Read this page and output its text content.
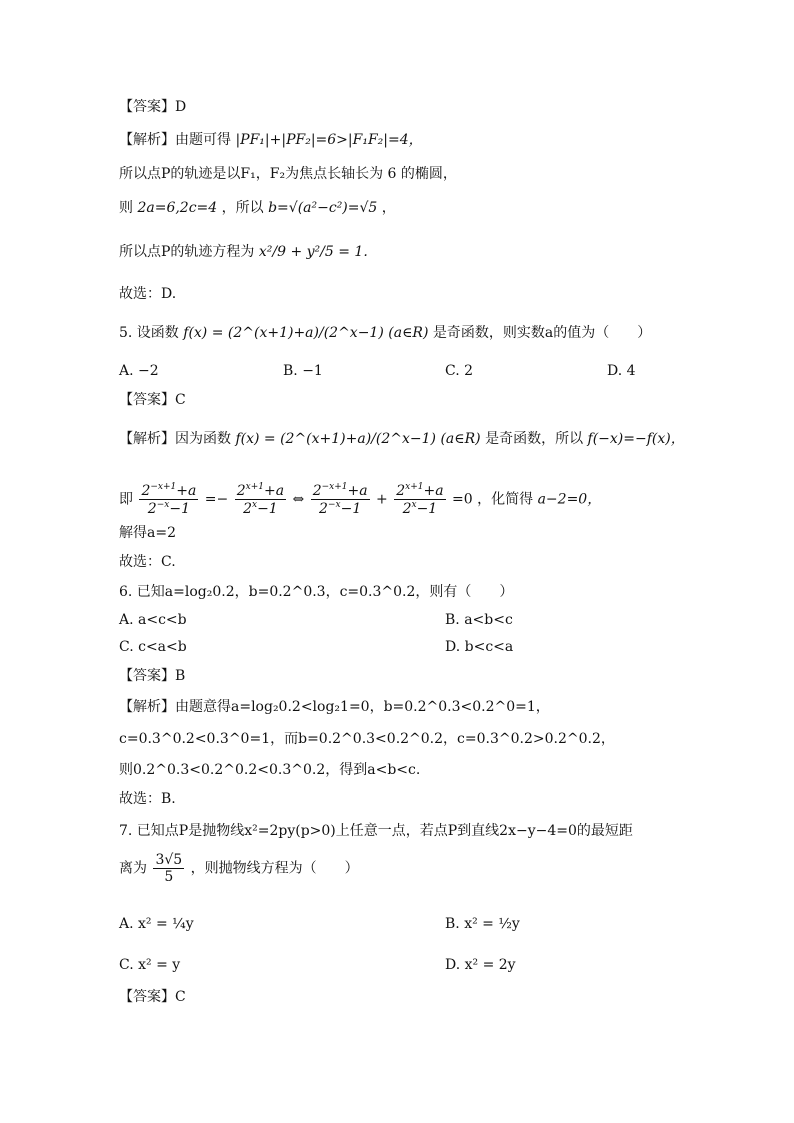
【答案】D
【解析】由题可得 |PF₁|+|PF₂|=6>|F₁F₂|=4，
所以点P的轨迹是以F₁，F₂为焦点长轴长为 6 的椭圆，
则 2a=6,2c=4 ，所以 b=√(a²−c²)=√5 ，
所以点P的轨迹方程为 x²/9 + y²/5 = 1.
故选：D.
5. 设函数 f(x) = (2^(x+1)+a)/(2^x−1) (a∈R) 是奇函数，则实数a的值为（　　）
A. −2	B. −1	C. 2	D. 4
【答案】C
【解析】因为函数 f(x) = (2^(x+1)+a)/(2^x−1) (a∈R) 是奇函数，所以 f(−x)=−f(x)，
即 $\frac{2^{-x+1}+a}{2^{-x}-1} =- \frac{2^{x+1}+a}{2^x-1}$ ⇔ $\frac{2^{-x+1}+a}{2^{-x}-1} + \frac{2^{x+1}+a}{2^x-1} =0$ ，化简得 a−2=0，
解得a=2
故选：C.
6. 已知a=log₂0.2，b=0.2^0.3，c=0.3^0.2，则有（　　）
A. a<c<b	B. a<b<c
C. c<a<b	D. b<c<a
【答案】B
【解析】由题意得a=log₂0.2<log₂1=0，b=0.2^0.3<0.2^0=1，
c=0.3^0.2<0.3^0=1，而b=0.2^0.3<0.2^0.2，c=0.3^0.2>0.2^0.2，
则0.2^0.3<0.2^0.2<0.3^0.2，得到a<b<c.
故选：B.
7. 已知点P是抛物线x²=2py(p>0)上任意一点，若点P到直线2x−y−4=0的最短距
离为 $\frac{3√5}{5}$ ，则抛物线方程为（　　）
A. x² = ¼y	B. x² = ½y
C. x² = y	D. x² = 2y
【答案】C
